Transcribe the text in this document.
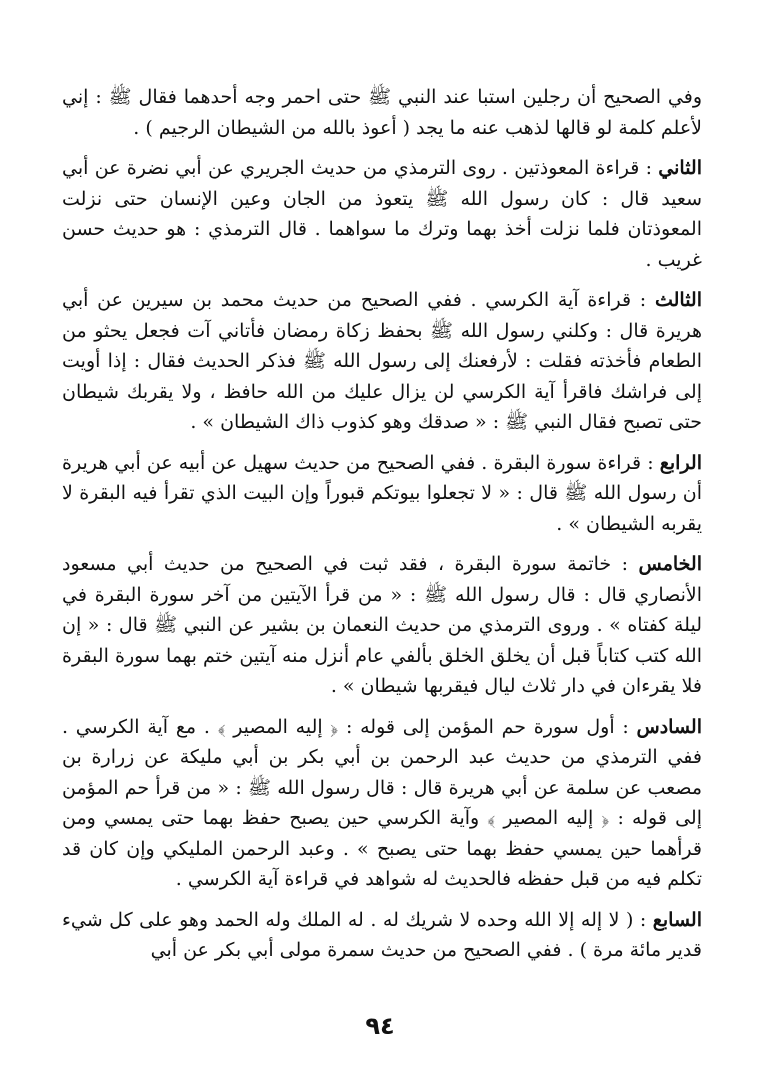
وفي الصحيح أن رجلين استبا عند النبي ﷺ حتى احمر وجه أحدهما فقال ﷺ : إني لأعلم كلمة لو قالها لذهب عنه ما يجد ( أعوذ بالله من الشيطان الرجيم ) .

الثاني : قراءة المعوذتين . روى الترمذي من حديث الجريري عن أبي نضرة عن أبي سعيد قال : كان رسول الله ﷺ يتعوذ من الجان وعين الإنسان حتى نزلت المعوذتان فلما نزلت أخذ بهما وترك ما سواهما . قال الترمذي : هو حديث حسن غريب .

الثالث : قراءة آية الكرسي . ففي الصحيح من حديث محمد بن سيرين عن أبي هريرة قال : وكلني رسول الله ﷺ بحفظ زكاة رمضان فأتاني آت فجعل يحثو من الطعام فأخذته فقلت : لأرفعنك إلى رسول الله ﷺ فذكر الحديث فقال : إذا أويت إلى فراشك فاقرأ آية الكرسي لن يزال عليك من الله حافظ ، ولا يقربك شيطان حتى تصبح فقال النبي ﷺ : « صدقك وهو كذوب ذاك الشيطان » .

الرابع : قراءة سورة البقرة . ففي الصحيح من حديث سهيل عن أبيه عن أبي هريرة أن رسول الله ﷺ قال : « لا تجعلوا بيوتكم قبوراً وإن البيت الذي تقرأ فيه البقرة لا يقربه الشيطان » .

الخامس : خاتمة سورة البقرة ، فقد ثبت في الصحيح من حديث أبي مسعود الأنصاري قال : قال رسول الله ﷺ : « من قرأ الآيتين من آخر سورة البقرة في ليلة كفتاه » . وروى الترمذي من حديث النعمان بن بشير عن النبي ﷺ قال : « إن الله كتب كتاباً قبل أن يخلق الخلق بألفي عام أنزل منه آيتين ختم بهما سورة البقرة فلا يقرءان في دار ثلاث ليال فيقربها شيطان » .

السادس : أول سورة حم المؤمن إلى قوله : ﴿ إليه المصير ﴾ . مع آية الكرسي . ففي الترمذي من حديث عبد الرحمن بن أبي بكر بن أبي مليكة عن زرارة بن مصعب عن سلمة عن أبي هريرة قال : قال رسول الله ﷺ : « من قرأ حم المؤمن إلى قوله : ﴿ إليه المصير ﴾ وآية الكرسي حين يصبح حفظ بهما حتى يمسي ومن قرأهما حين يمسي حفظ بهما حتى يصبح » . وعبد الرحمن المليكي وإن كان قد تكلم فيه من قبل حفظه فالحديث له شواهد في قراءة آية الكرسي .

السابع : ( لا إله إلا الله وحده لا شريك له . له الملك وله الحمد وهو على كل شيء قدير مائة مرة ) . ففي الصحيح من حديث سمرة مولى أبي بكر عن أبي

٩٤
